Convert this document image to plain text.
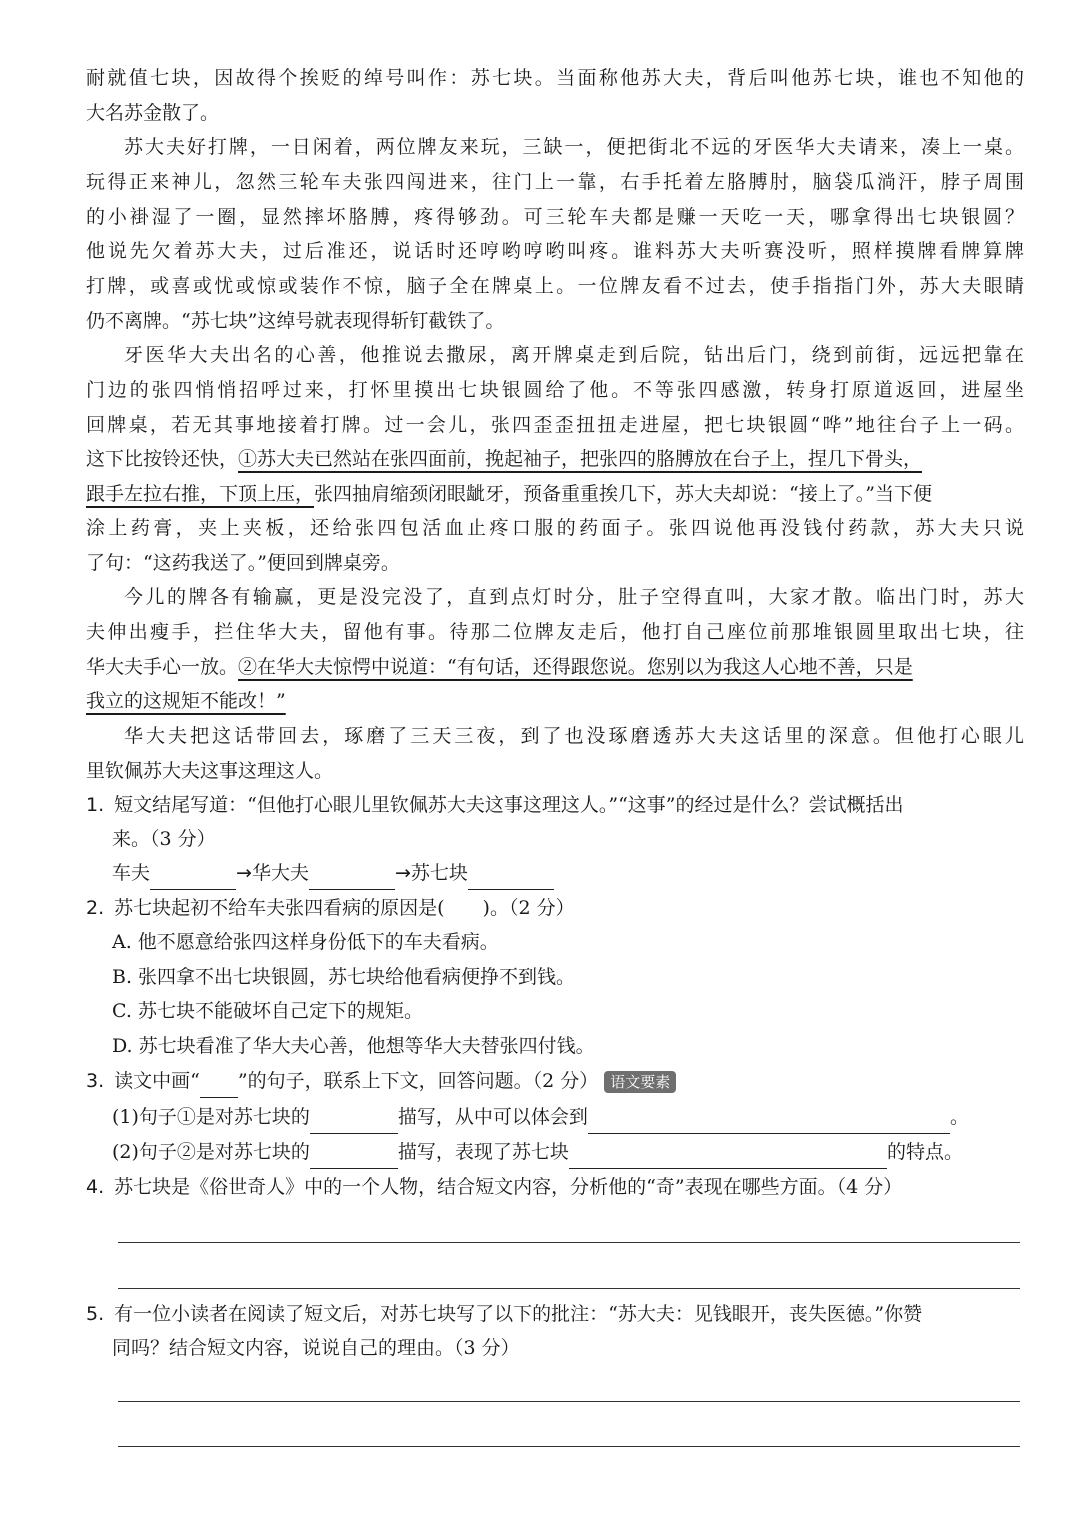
耐就值七块，因故得个挨贬的绰号叫作：苏七块。当面称他苏大夫，背后叫他苏七块，谁也不知他的
大名苏金散了。
苏大夫好打牌，一日闲着，两位牌友来玩，三缺一，便把街北不远的牙医华大夫请来，凑上一桌。
玩得正来神儿，忽然三轮车夫张四闯进来，往门上一靠，右手托着左胳膊肘，脑袋瓜淌汗，脖子周围
的小褂湿了一圈，显然摔坏胳膊，疼得够劲。可三轮车夫都是赚一天吃一天，哪拿得出七块银圆？
他说先欠着苏大夫，过后准还，说话时还哼哟哼哟叫疼。谁料苏大夫听赛没听，照样摸牌看牌算牌
打牌，或喜或忧或惊或装作不惊，脑子全在牌桌上。一位牌友看不过去，使手指指门外，苏大夫眼睛
仍不离牌。“苏七块”这绰号就表现得斩钉截铁了。
牙医华大夫出名的心善，他推说去撒尿，离开牌桌走到后院，钻出后门，绕到前街，远远把靠在
门边的张四悄悄招呼过来，打怀里摸出七块银圆给了他。不等张四感激，转身打原道返回，进屋坐
回牌桌，若无其事地接着打牌。过一会儿，张四歪歪扭扭走进屋，把七块银圆“哗”地往台子上一码。
这下比按铃还快，①苏大夫已然站在张四面前，挽起袖子，把张四的胳膊放在台子上，捏几下骨头，
跟手左拉右推，下顶上压，张四抽肩缩颈闭眼龇牙，预备重重挨几下，苏大夫却说：“接上了。”当下便
涂上药膏，夹上夹板，还给张四包活血止疼口服的药面子。张四说他再没钱付药款，苏大夫只说
了句：“这药我送了。”便回到牌桌旁。
今儿的牌各有输赢，更是没完没了，直到点灯时分，肚子空得直叫，大家才散。临出门时，苏大
夫伸出瘦手，拦住华大夫，留他有事。待那二位牌友走后，他打自己座位前那堆银圆里取出七块，往
华大夫手心一放。②在华大夫惊愕中说道：“有句话，还得跟您说。您别以为我这人心地不善，只是
我立的这规矩不能改！”
华大夫把这话带回去，琢磨了三天三夜，到了也没琢磨透苏大夫这话里的深意。但他打心眼儿
里钦佩苏大夫这事这理这人。
1. 短文结尾写道：“但他打心眼儿里钦佩苏大夫这事这理这人。”“这事”的经过是什么？尝试概括出
来。（3 分）
车夫	→华大夫	→苏七块
2. 苏七块起初不给车夫张四看病的原因是(　　)。（2 分）
A. 他不愿意给张四这样身份低下的车夫看病。
B. 张四拿不出七块银圆，苏七块给他看病便挣不到钱。
C. 苏七块不能破坏自己定下的规矩。
D. 苏七块看准了华大夫心善，他想等华大夫替张四付钱。
3. 读文中画“ ”的句子，联系上下文，回答问题。（2 分） 语文要素
(1)句子①是对苏七块的	描写，从中可以体会到	。
(2)句子②是对苏七块的	描写，表现了苏七块	的特点。
4. 苏七块是《俗世奇人》中的一个人物，结合短文内容，分析他的“奇”表现在哪些方面。（4 分）
5. 有一位小读者在阅读了短文后，对苏七块写了以下的批注：“苏大夫：见钱眼开，丧失医德。”你赞
同吗？结合短文内容，说说自己的理由。（3 分）
